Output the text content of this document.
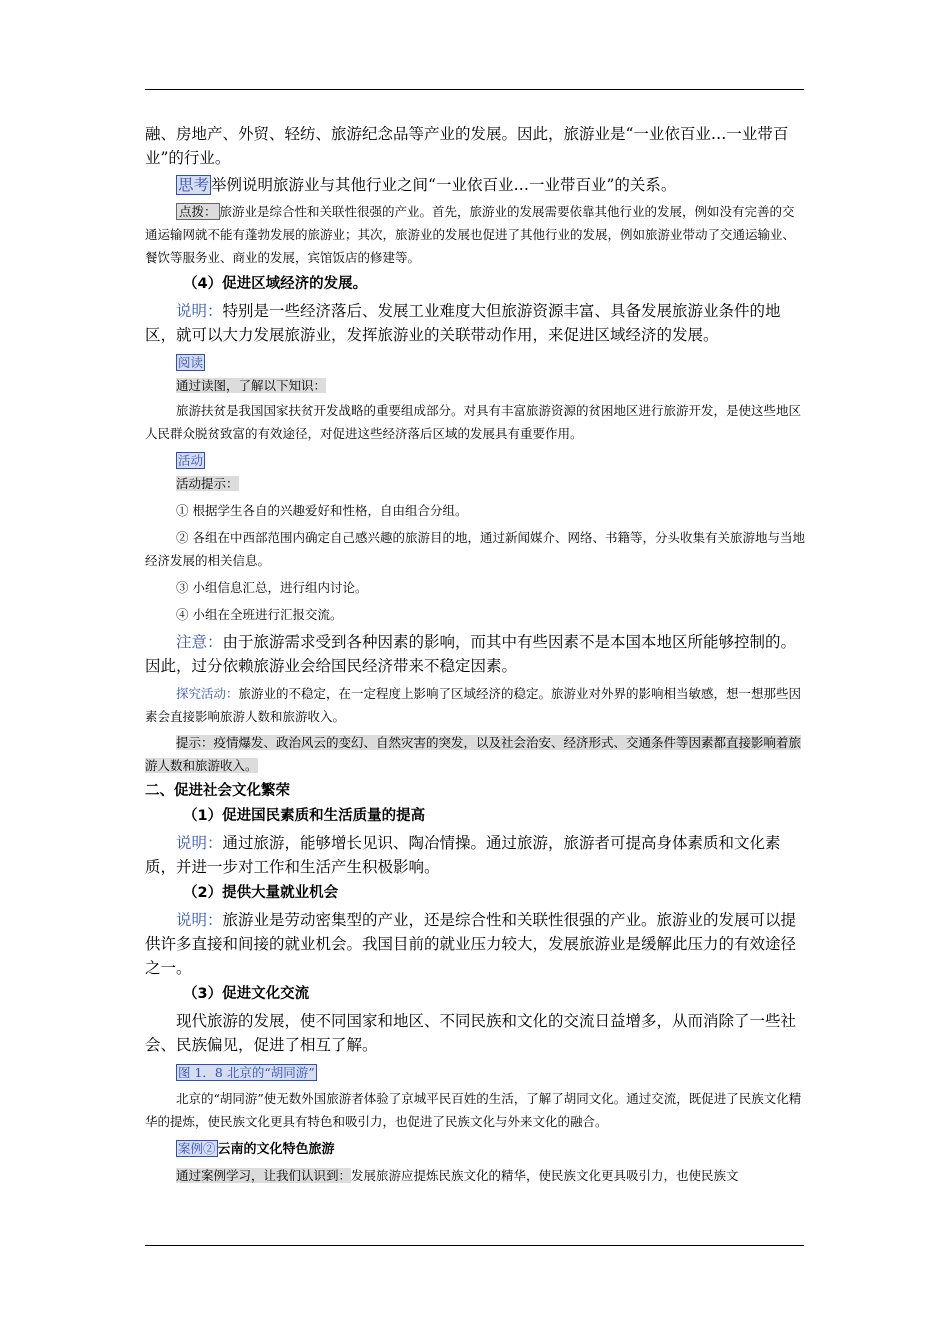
融、房地产、外贸、轻纺、旅游纪念品等产业的发展。因此，旅游业是“一业依百业…一业带百业”的行业。

思考 举例说明旅游业与其他行业之间“一业依百业…一业带百业”的关系。

点拨： 旅游业是综合性和关联性很强的产业。首先，旅游业的发展需要依靠其他行业的发展，例如没有完善的交通运输网就不能有蓬勃发展的旅游业；其次，旅游业的发展也促进了其他行业的发展，例如旅游业带动了交通运输业、餐饮等服务业、商业的发展，宾馆饭店的修建等。

（4）促进区域经济的发展。

说明：特别是一些经济落后、发展工业难度大但旅游资源丰富、具备发展旅游业条件的地区，就可以大力发展旅游业，发挥旅游业的关联带动作用，来促进区域经济的发展。

阅读

通过读图，了解以下知识：

旅游扶贫是我国国家扶贫开发战略的重要组成部分。对具有丰富旅游资源的贫困地区进行旅游开发，是使这些地区人民群众脱贫致富的有效途径，对促进这些经济落后区域的发展具有重要作用。

活动

活动提示：

① 根据学生各自的兴趣爱好和性格，自由组合分组。

② 各组在中西部范围内确定自己感兴趣的旅游目的地，通过新闻媒介、网络、书籍等，分头收集有关旅游地与当地经济发展的相关信息。

③ 小组信息汇总，进行组内讨论。

④ 小组在全班进行汇报交流。

注意：由于旅游需求受到各种因素的影响，而其中有些因素不是本国本地区所能够控制的。因此，过分依赖旅游业会给国民经济带来不稳定因素。

探究活动：旅游业的不稳定，在一定程度上影响了区域经济的稳定。旅游业对外界的影响相当敏感，想一想那些因素会直接影响旅游人数和旅游收入。

提示：疫情爆发、政治风云的变幻、自然灾害的突发，以及社会治安、经济形式、交通条件等因素都直接影响着旅游人数和旅游收入。

二、促进社会文化繁荣

（1）促进国民素质和生活质量的提高

说明：通过旅游，能够增长见识、陶冶情操。通过旅游，旅游者可提高身体素质和文化素质，并进一步对工作和生活产生积极影响。

（2）提供大量就业机会

说明：旅游业是劳动密集型的产业，还是综合性和关联性很强的产业。旅游业的发展可以提供许多直接和间接的就业机会。我国目前的就业压力较大，发展旅游业是缓解此压力的有效途径之一。

（3）促进文化交流

现代旅游的发展，使不同国家和地区、不同民族和文化的交流日益增多，从而消除了一些社会、民族偏见，促进了相互了解。

图 1．8 北京的“胡同游”

北京的“胡同游”使无数外国旅游者体验了京城平民百姓的生活，了解了胡同文化。通过交流，既促进了民族文化精华的提炼，使民族文化更具有特色和吸引力，也促进了民族文化与外来文化的融合。

案例② 云南的文化特色旅游

通过案例学习，让我们认识到：发展旅游应提炼民族文化的精华，使民族文化更具吸引力，也使民族文
